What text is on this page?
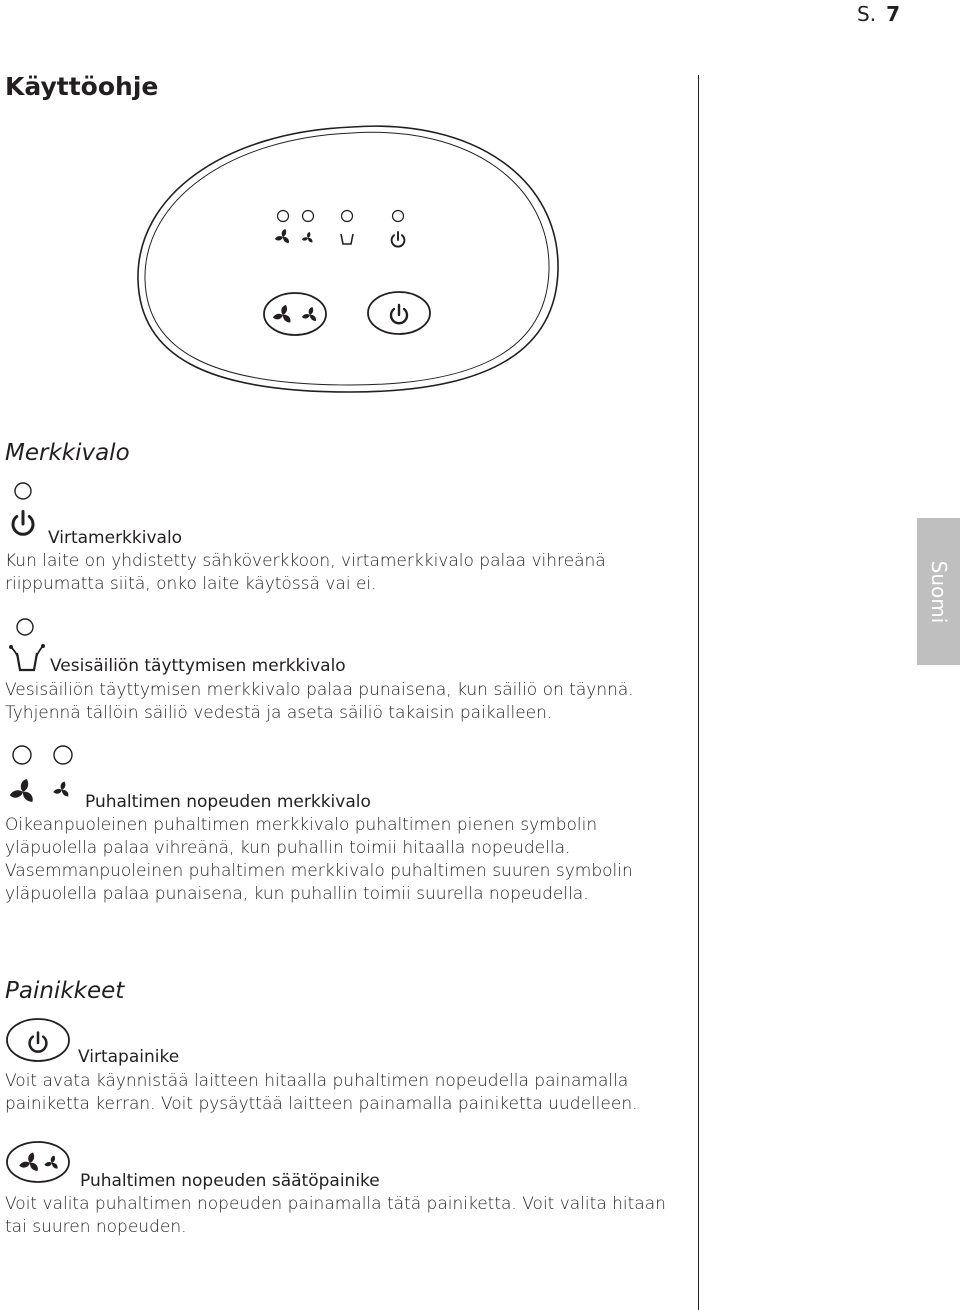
S. 7
Käyttöohje
Suomi
Merkkivalo
Virtamerkkivalo
Kun laite on yhdistetty sähköverkkoon, virtamerkkivalo palaa vihreänä riippumatta siitä, onko laite käytössä vai ei.
Vesisäiliön täyttymisen merkkivalo
Vesisäiliön täyttymisen merkkivalo palaa punaisena, kun säiliö on täynnä. Tyhjennä tällöin säiliö vedestä ja aseta säiliö takaisin paikalleen.
Puhaltimen nopeuden merkkivalo
Oikeanpuoleinen puhaltimen merkkivalo puhaltimen pienen symbolin yläpuolella palaa vihreänä, kun puhallin toimii hitaalla nopeudella. Vasemmanpuoleinen puhaltimen merkkivalo puhaltimen suuren symbolin yläpuolella palaa punaisena, kun puhallin toimii suurella nopeudella.
Painikkeet
Virtapainike
Voit avata käynnistää laitteen hitaalla puhaltimen nopeudella painamalla painiketta kerran. Voit pysäyttää laitteen painamalla painiketta uudelleen.
Puhaltimen nopeuden säätöpainike
Voit valita puhaltimen nopeuden painamalla tätä painiketta. Voit valita hitaan tai suuren nopeuden.
